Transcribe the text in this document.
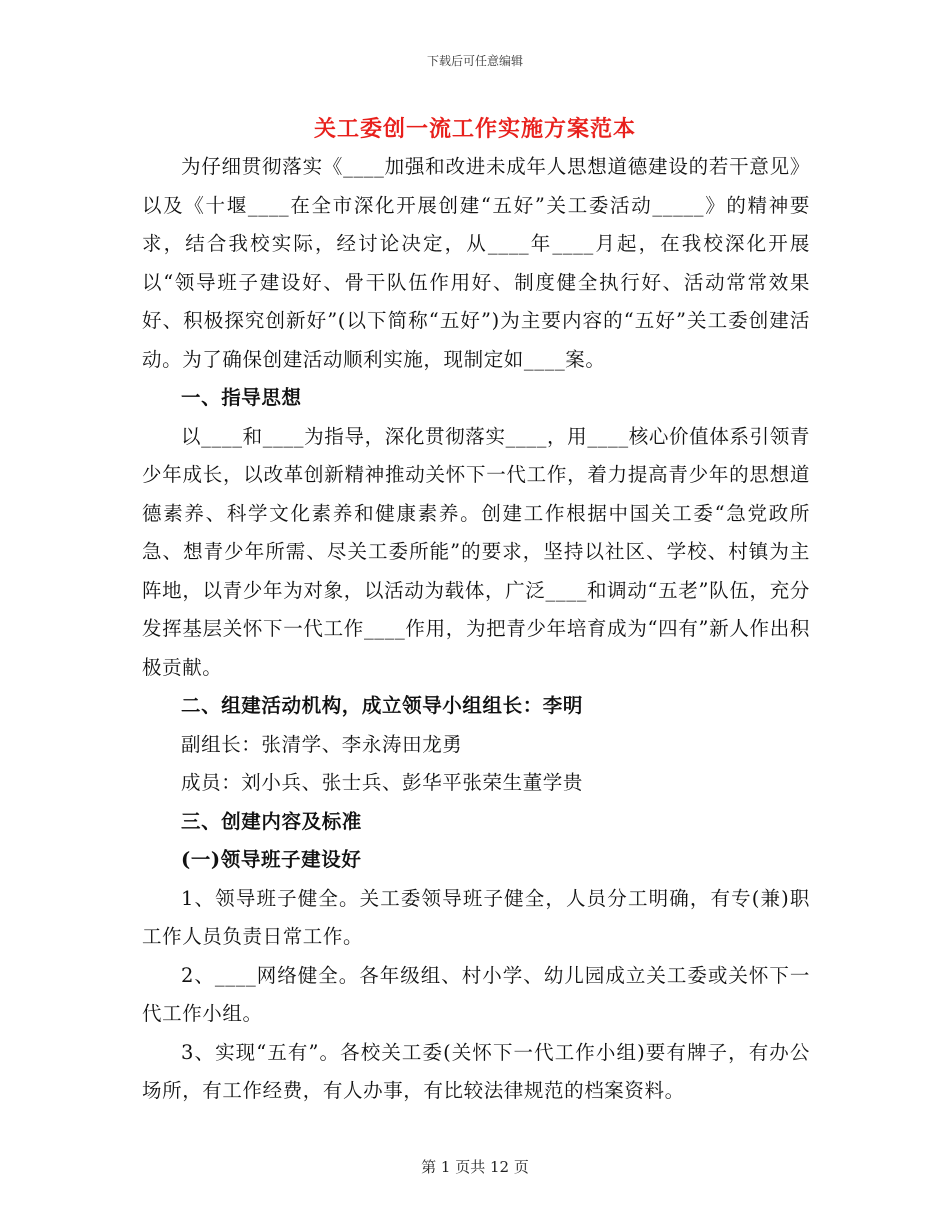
下载后可任意编辑
关工委创一流工作实施方案范本

为仔细贯彻落实《____加强和改进未成年人思想道德建设的若干意见》以及《十堰____在全市深化开展创建“五好”关工委活动_____》的精神要求，结合我校实际，经讨论决定，从____年____月起，在我校深化开展以“领导班子建设好、骨干队伍作用好、制度健全执行好、活动常常效果好、积极探究创新好”(以下简称“五好”)为主要内容的“五好”关工委创建活动。为了确保创建活动顺利实施，现制定如____案。

一、指导思想

以____和____为指导，深化贯彻落实____，用____核心价值体系引领青少年成长，以改革创新精神推动关怀下一代工作，着力提高青少年的思想道德素养、科学文化素养和健康素养。创建工作根据中国关工委“急党政所急、想青少年所需、尽关工委所能”的要求，坚持以社区、学校、村镇为主阵地，以青少年为对象，以活动为载体，广泛____和调动“五老”队伍，充分发挥基层关怀下一代工作____作用，为把青少年培育成为“四有”新人作出积极贡献。

二、组建活动机构，成立领导小组组长：李明

副组长：张清学、李永涛田龙勇

成员：刘小兵、张士兵、彭华平张荣生董学贵

三、创建内容及标准

(一)领导班子建设好

1、领导班子健全。关工委领导班子健全，人员分工明确，有专(兼)职工作人员负责日常工作。

2、____网络健全。各年级组、村小学、幼儿园成立关工委或关怀下一代工作小组。

3、实现“五有”。各校关工委(关怀下一代工作小组)要有牌子，有办公场所，有工作经费，有人办事，有比较法律规范的档案资料。

第 1 页共 12 页
